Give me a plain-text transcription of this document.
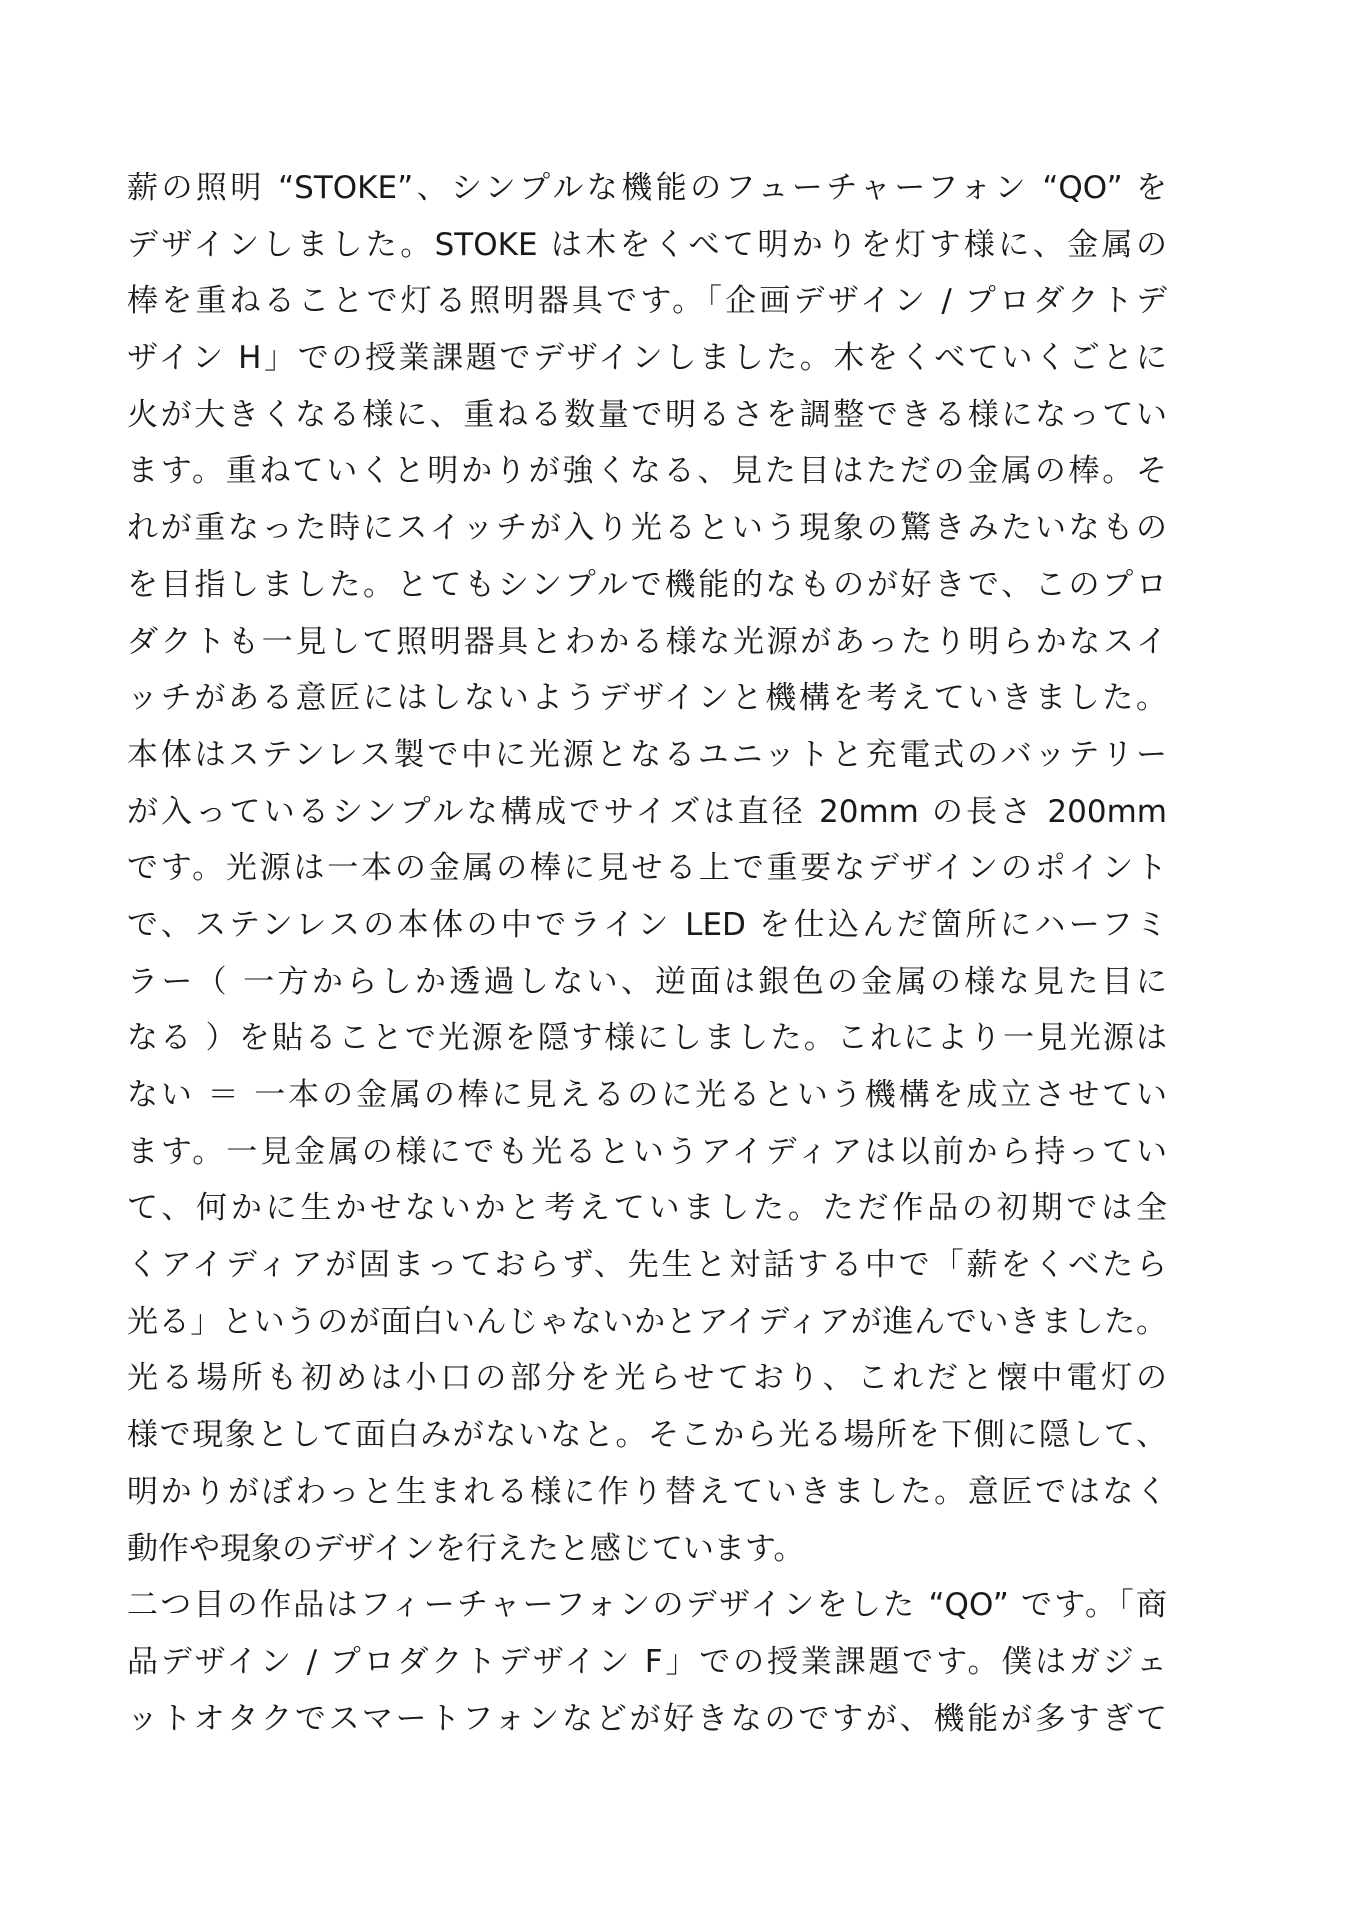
薪の照明 “STOKE”、シンプルな機能のフューチャーフォン “QO” を
デザインしました。STOKE は木をくべて明かりを灯す様に、金属の
棒を重ねることで灯る照明器具です。「企画デザイン / プロダクトデ
ザイン H」での授業課題でデザインしました。木をくべていくごとに
火が大きくなる様に、重ねる数量で明るさを調整できる様になってい
ます。重ねていくと明かりが強くなる、見た目はただの金属の棒。そ
れが重なった時にスイッチが入り光るという現象の驚きみたいなもの
を目指しました。とてもシンプルで機能的なものが好きで、このプロ
ダクトも一見して照明器具とわかる様な光源があったり明らかなスイ
ッチがある意匠にはしないようデザインと機構を考えていきました。
本体はステンレス製で中に光源となるユニットと充電式のバッテリー
が入っているシンプルな構成でサイズは直径 20mm の長さ 200mm
です。光源は一本の金属の棒に見せる上で重要なデザインのポイント
で、ステンレスの本体の中でライン LED を仕込んだ箇所にハーフミ
ラー（ 一方からしか透過しない、逆面は銀色の金属の様な見た目に
なる ）を貼ることで光源を隠す様にしました。これにより一見光源は
ない ＝ 一本の金属の棒に見えるのに光るという機構を成立させてい
ます。一見金属の様にでも光るというアイディアは以前から持ってい
て、何かに生かせないかと考えていました。ただ作品の初期では全
くアイディアが固まっておらず、先生と対話する中で「薪をくべたら
光る」というのが面白いんじゃないかとアイディアが進んでいきました。
光る場所も初めは小口の部分を光らせており、これだと懐中電灯の
様で現象として面白みがないなと。そこから光る場所を下側に隠して、
明かりがぼわっと生まれる様に作り替えていきました。意匠ではなく
動作や現象のデザインを行えたと感じています。
二つ目の作品はフィーチャーフォンのデザインをした “QO” です。「商
品デザイン / プロダクトデザイン F」での授業課題です。僕はガジェ
ットオタクでスマートフォンなどが好きなのですが、機能が多すぎて
